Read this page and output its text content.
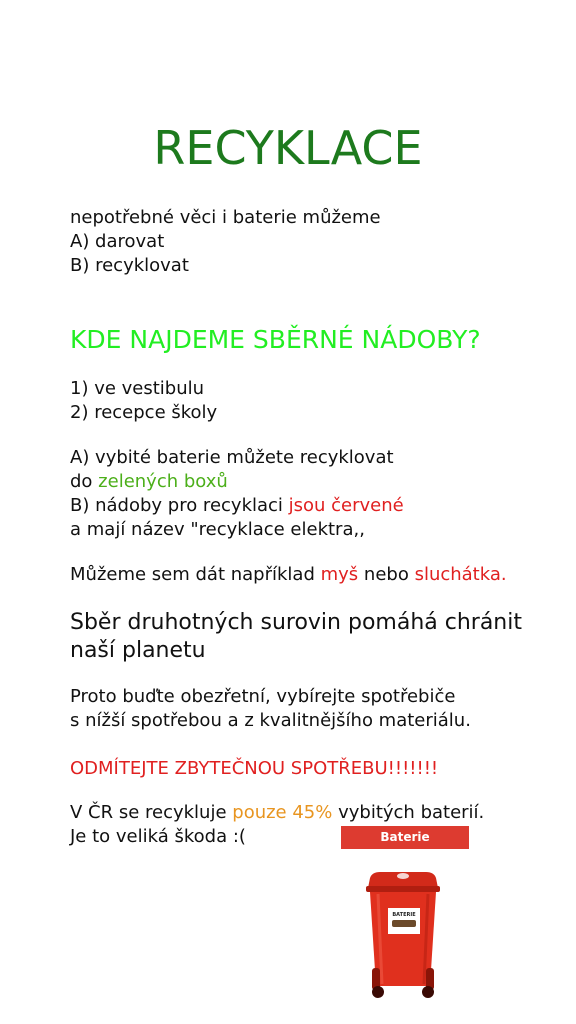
RECYKLACE
nepotřebné věci i baterie můžeme
A) darovat
B) recyklovat
KDE NAJDEME SBĚRNÉ NÁDOBY?
1) ve vestibulu
2) recepce školy
A) vybité baterie můžete recyklovat
do zelených boxů
B) nádoby pro recyklaci jsou červené
a mají název "recyklace elektra,,
Můžeme sem dát například myš nebo sluchátka.
Sběr druhotných surovin pomáhá chránit
naší planetu
Proto buďte obezřetní, vybírejte spotřebiče
s nížší spotřebou a z kvalitnějšího materiálu.
ODMÍTEJTE ZBYTEČNOU SPOTŘEBU!!!!!!!
V ČR se recykluje pouze 45% vybitých baterií.
Je to veliká škoda :(	Baterie
BATERIE
